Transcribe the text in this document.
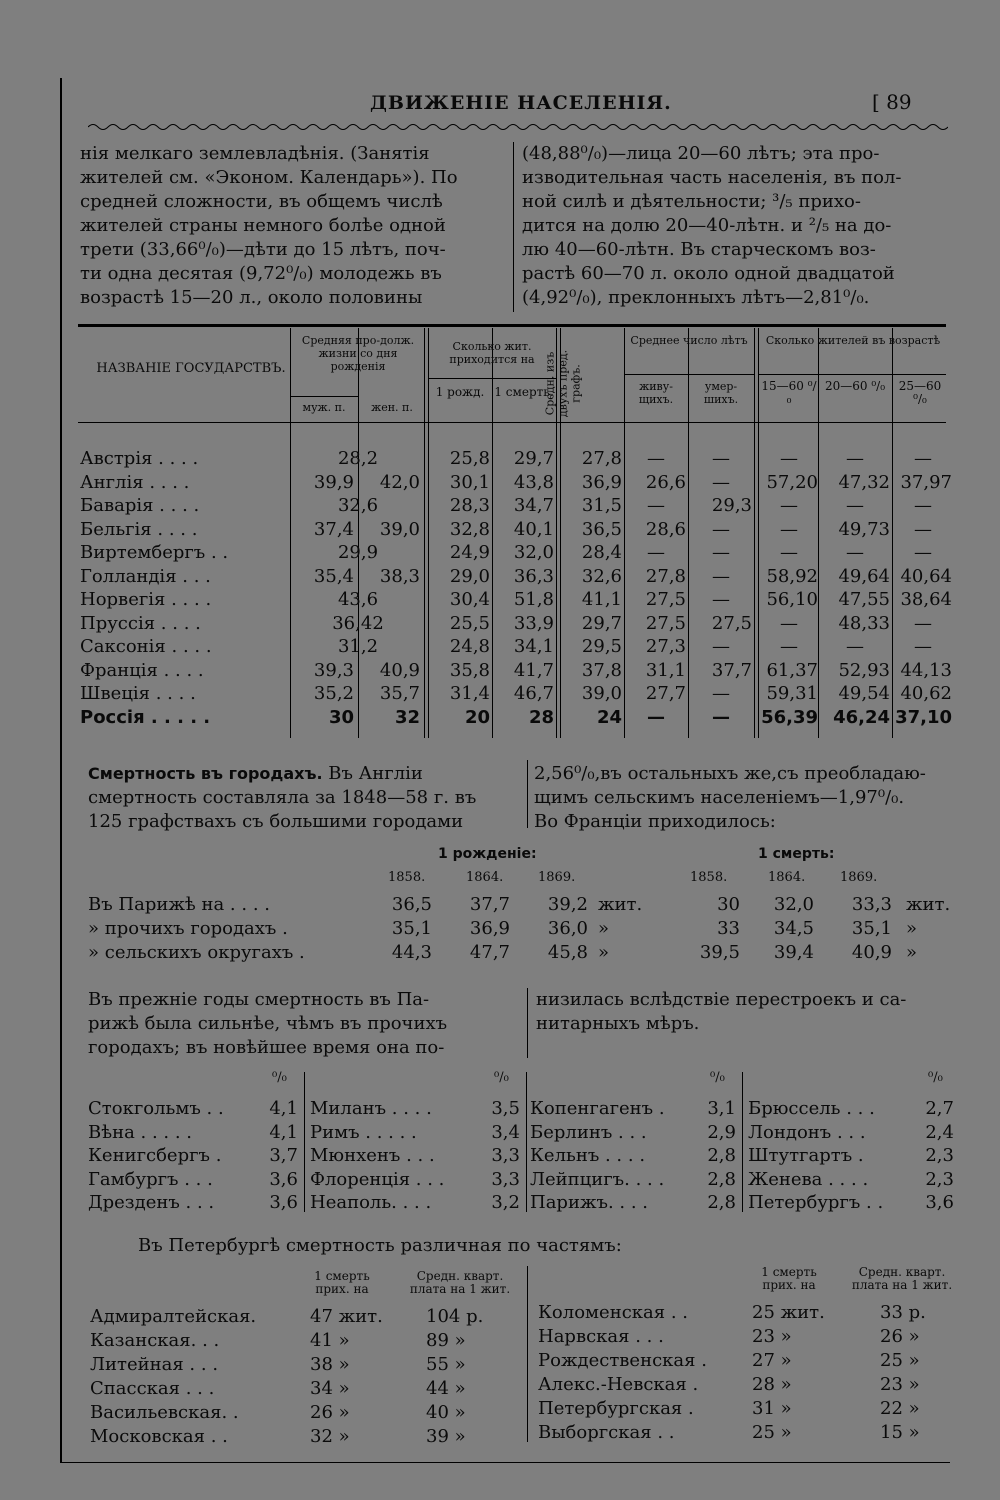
ДВИЖЕНІЕ НАСЕЛЕНІЯ.	[ 89
нія мелкаго землевладѣнія. (Занятія
жителей см. «Эконом. Календарь»). По
средней сложности, въ общемъ числѣ
жителей страны немного болѣе одной
трети (33,66⁰/₀)—дѣти до 15 лѣтъ, поч-
ти одна десятая (9,72⁰/₀) молодежь въ
возрастѣ 15—20 л., около половины
(48,88⁰/₀)—лица 20—60 лѣтъ; эта про-
изводительная часть населенія, въ пол-
ной силѣ и дѣятельности; ³/₅ прихо-
дится на долю 20—40-лѣтн. и ²/₅ на до-
лю 40—60-лѣтн. Въ старческомъ воз-
растѣ 60—70 л. около одной двадцатой
(4,92⁰/₀), преклонныхъ лѣтъ—2,81⁰/₀.
НАЗВАНІЕ ГОСУДАРСТВЪ.
Средняя про-долж. жизни со дня рожденія
муж. п.	жен. п.
Сколько жит. приходится на
1 рожд. 1 смерть.
Средн. изъ двухъ пред. графъ.
Среднее число лѣтъ
живу-щихъ.
умер-шихъ.
Сколько жителей въ возрастѣ
15—60 ⁰/₀
20—60 ⁰/₀	25—60 ⁰/₀
Австрія . . . .	28,2	25,8	29,7	27,8	—	—	—	—	—
Англія . . . .	39,9	42,0	30,1	43,8	36,9	26,6	—	57,20	47,32 37,97
Баварія . . . .	32,6	28,3	34,7	31,5	—	29,3	—	—	—
Бельгія . . . .	37,4	39,0	32,8	40,1	36,5	28,6	—	—	49,73	—
Виртембергъ . .	29,9	24,9	32,0	28,4	—	—	—	—	—
Голландія . . .	35,4	38,3	29,0	36,3	32,6	27,8	—	58,92	49,64 40,64
Норвегія . . . .	43,6	30,4	51,8	41,1	27,5	—	56,10	47,55 38,64
Пруссія . . . .	36,42	25,5	33,9	29,7	27,5	27,5	—	48,33	—
Саксонія . . . .	31,2	24,8	34,1	29,5	27,3	—	—	—	—
Франція . . . .	39,3	40,9	35,8	41,7	37,8	31,1	37,7 61,37	52,93 44,13
Швеція . . . .	35,2	35,7	31,4	46,7	39,0	27,7	—	59,31	49,54 40,62
Россія . . . . .	30	32	20	28	24	—	—	56,39 46,24 37,10
Смертность въ городахъ. Въ Англіи
смертность составляла за 1848—58 г. въ
125 графствахъ съ большими городами
2,56⁰/₀,въ остальныхъ же,съ преобладаю-
щимъ сельскимъ населеніемъ—1,97⁰/₀.
Во Франціи приходилось:
1 рожденіе:	1 смерть:
1858.	1864.	1869.	1858.	1864.	1869.
Въ Парижѣ на . . . .	36,5	37,7	39,2 жит.	30	32,0	33,3 жит.
» прочихъ городахъ .	35,1	36,9	36,0 »	33	34,5	35,1 »
» сельскихъ округахъ .	44,3	47,7	45,8 »	39,5	39,4	40,9 »
Въ прежніе годы смертность въ Па-
рижѣ была сильнѣе, чѣмъ въ прочихъ
городахъ; въ новѣйшее время она по-
низилась вслѣдствіе перестроекъ и са-
нитарныхъ мѣръ.
⁰/₀
Стокгольмъ . .	4,1
Вѣна . . . . .	4,1
Кенигсбергъ .	3,7
Гамбургъ . . .	3,6
Дрезденъ . . .	3,6
⁰/₀
Миланъ . . . .	3,5
Римъ . . . . .	3,4
Мюнхенъ . . .	3,3
Флоренція . . .	3,3
Неаполь. . . .	3,2
⁰/₀
Копенгагенъ .	3,1
Берлинъ . . .	2,9
Кельнъ . . . .	2,8
Лейпцигъ. . . .	2,8
Парижъ. . . .	2,8
⁰/₀
Брюссель . . .	2,7
Лондонъ . . .	2,4
Штутгартъ .	2,3
Женева . . . .	2,3
Петербургъ . .	3,6
Въ Петербургѣ смертность различная по частямъ:
1 смерть прих. на
Средн. кварт. плата на 1 жит.
1 смерть прих. на
Средн. кварт. плата на 1 жит.
Адмиралтейская.	47 жит. 104 р.
Казанская. . .	41 »	89 »
Литейная . . .	38 »	55 »
Спасская . . .	34 »	44 »
Васильевская. .	26 »	40 »
Московская . .	32 »	39 »
Коломенская . .	25 жит.	33 р.
Нарвская . . .	23 »	26 »
Рождественская .	27 »	25 »
Алекс.-Невская .	28 »	23 »
Петербургская .	31 »	22 »
Выборгская . .	25 »	15 »
